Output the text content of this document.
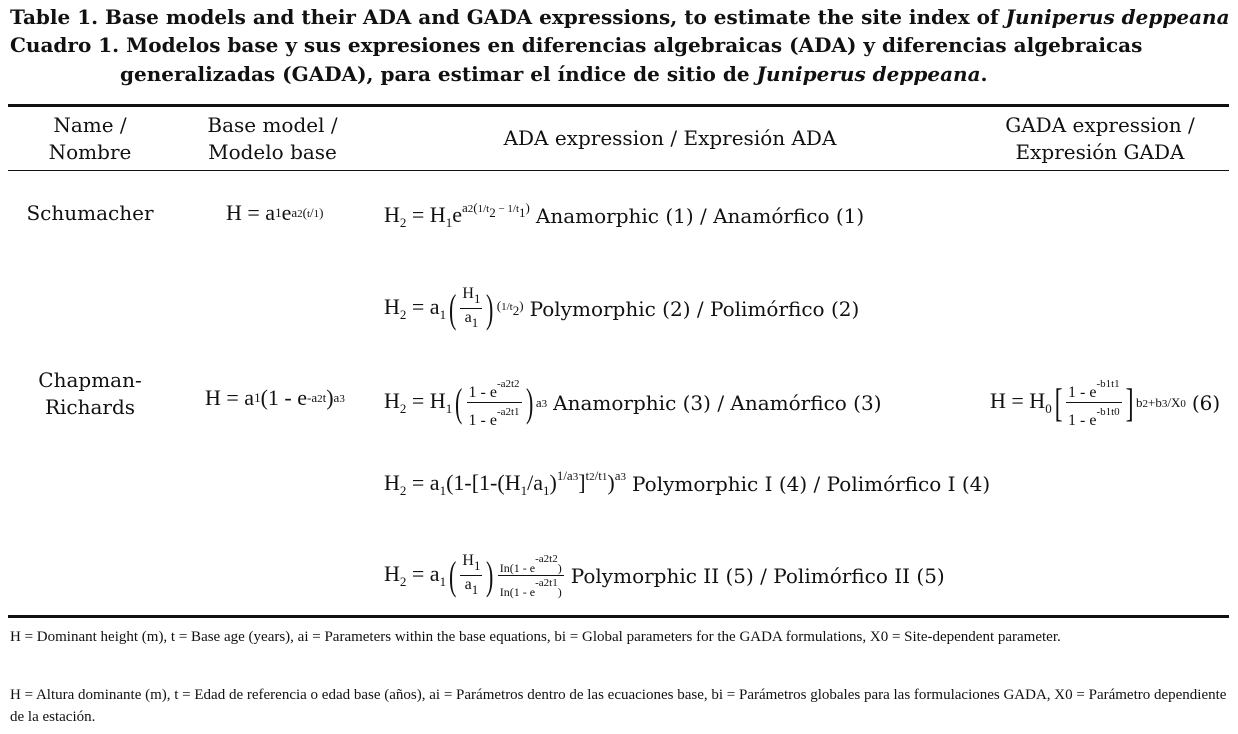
Table 1. Base models and their ADA and GADA expressions, to estimate the site index of Juniperus deppeana
Cuadro 1. Modelos base y sus expresiones en diferencias algebraicas (ADA) y diferencias algebraicas
generalizadas (GADA), para estimar el índice de sitio de Juniperus deppeana.
Name /
Nombre
Base model /
Modelo base
ADA expression / Expresión ADA
GADA expression /
Expresión GADA
Schumacher
Chapman-
Richards
H = a 1 e a2(t/1)
H = a 1 (1 - e -a2t ) a3
$H_2 = H_1e^{a2(1/t_2 - 1/t_1)}$ Anamorphic (1) / Anamórfico (1)
$H_2 = a_1$ ( $\frac{H_1}{a_1}$ ) $(1/t_2)$ Polymorphic (2) / Polimórfico (2)
$H_2 = H_1$ ( $\frac{1 - e^{-a2t2}}{1 - e^{-a2t1}}$ ) a3 Anamorphic (3) / Anamórfico (3)
$H_2 = a_1(1-[1-(H_1/a_1)^{1/a3}]^{t2/t1})^{a3}$ Polymorphic I (4) / Polimórfico I (4)
$H_2 = a_1$ ( $\frac{H_1}{a_1}$ ) $\frac{In(1 - e^{-a2t2})}{In(1 - e^{-a2t1})}$ Polymorphic II (5) / Polimórfico II (5)
$H = H_0$ [ $\frac{1 - e^{-b1t1}}{1 - e^{-b1t0}}$ ] b2+b3/X0 (6)
H = Dominant height (m), t = Base age (years), ai = Parameters within the base equations, bi = Global parameters for the GADA formulations, X0 = Site-dependent parameter.
H = Altura dominante (m), t = Edad de referencia o edad base (años), ai = Parámetros dentro de las ecuaciones base, bi = Parámetros globales para las formulaciones GADA, X0 = Parámetro dependiente de la estación.
